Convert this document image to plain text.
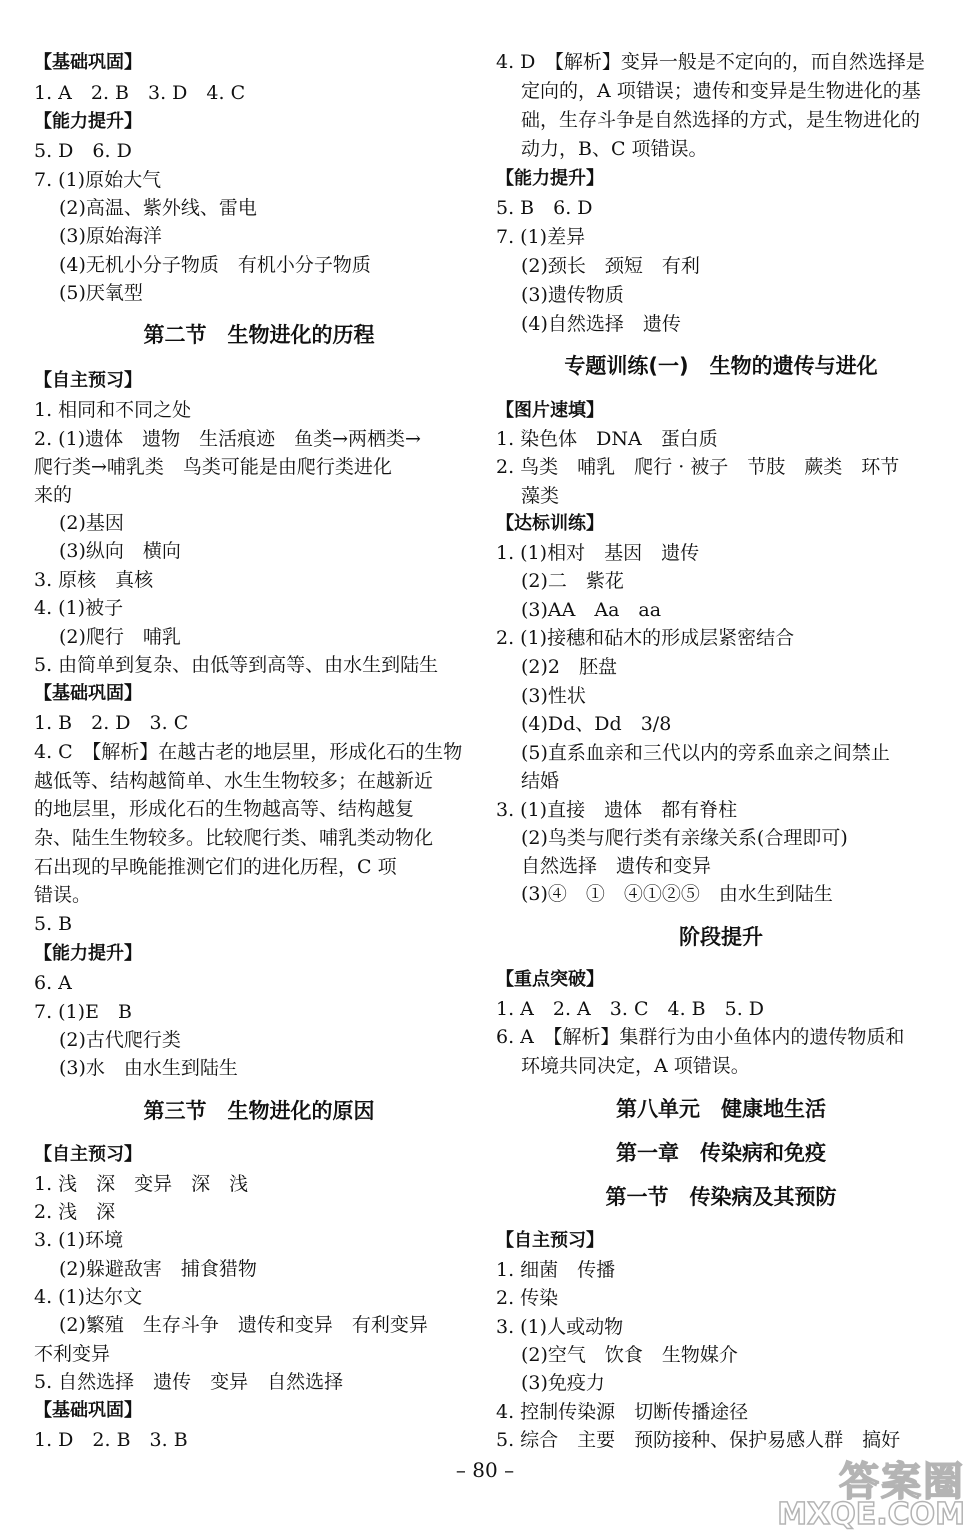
【基础巩固】
1. A　2. B　3. D　4. C
【能力提升】
5. D　6. D
7. (1)原始大气
(2)高温、紫外线、雷电
(3)原始海洋
(4)无机小分子物质　有机小分子物质
(5)厌氧型
第二节　生物进化的历程
【自主预习】
1. 相同和不同之处
2. (1)遗体　遗物　生活痕迹　鱼类→两栖类→
爬行类→哺乳类　鸟类可能是由爬行类进化
来的
(2)基因
(3)纵向　横向
3. 原核　真核
4. (1)被子
(2)爬行　哺乳
5. 由简单到复杂、由低等到高等、由水生到陆生
【基础巩固】
1. B　2. D　3. C
4. C　【解析】在越古老的地层里，形成化石的生物
越低等、结构越简单、水生生物较多；在越新近
的地层里，形成化石的生物越高等、结构越复
杂、陆生生物较多。比较爬行类、哺乳类动物化
石出现的早晚能推测它们的进化历程，C 项
错误。
5. B
【能力提升】
6. A
7. (1)E　B
(2)古代爬行类
(3)水　由水生到陆生
第三节　生物进化的原因
【自主预习】
1. 浅　深　变异　深　浅
2. 浅　深
3. (1)环境
(2)躲避敌害　捕食猎物
4. (1)达尔文
(2)繁殖　生存斗争　遗传和变异　有利变异
不利变异
5. 自然选择　遗传　变异　自然选择
【基础巩固】
1. D　2. B　3. B
4. D　【解析】变异一般是不定向的，而自然选择是
定向的，A 项错误；遗传和变异是生物进化的基
础，生存斗争是自然选择的方式，是生物进化的
动力，B、C 项错误。
【能力提升】
5. B　6. D
7. (1)差异
(2)颈长　颈短　有利
(3)遗传物质
(4)自然选择　遗传
专题训练(一)　生物的遗传与进化
【图片速填】
1. 染色体　DNA　蛋白质
2. 鸟类　哺乳　爬行 · 被子　节肢　蕨类　环节
藻类
【达标训练】
1. (1)相对　基因　遗传
(2)二　紫花
(3)AA　Aa　aa
2. (1)接穗和砧木的形成层紧密结合
(2)2　胚盘
(3)性状
(4)Dd、Dd　3/8
(5)直系血亲和三代以内的旁系血亲之间禁止
结婚
3. (1)直接　遗体　都有脊柱
(2)鸟类与爬行类有亲缘关系(合理即可)
自然选择　遗传和变异
(3)④　①　④①②⑤　由水生到陆生
阶段提升
【重点突破】
1. A　2. A　3. C　4. B　5. D
6. A　【解析】集群行为由小鱼体内的遗传物质和
环境共同决定，A 项错误。
第八单元　健康地生活
第一章　传染病和免疫
第一节　传染病及其预防
【自主预习】
1. 细菌　传播
2. 传染
3. (1)人或动物
(2)空气　饮食　生物媒介
(3)免疫力
4. 控制传染源　切断传播途径
5. 综合　主要　预防接种、保护易感人群　搞好
– 80 –	答案圈
MXQE.COM
